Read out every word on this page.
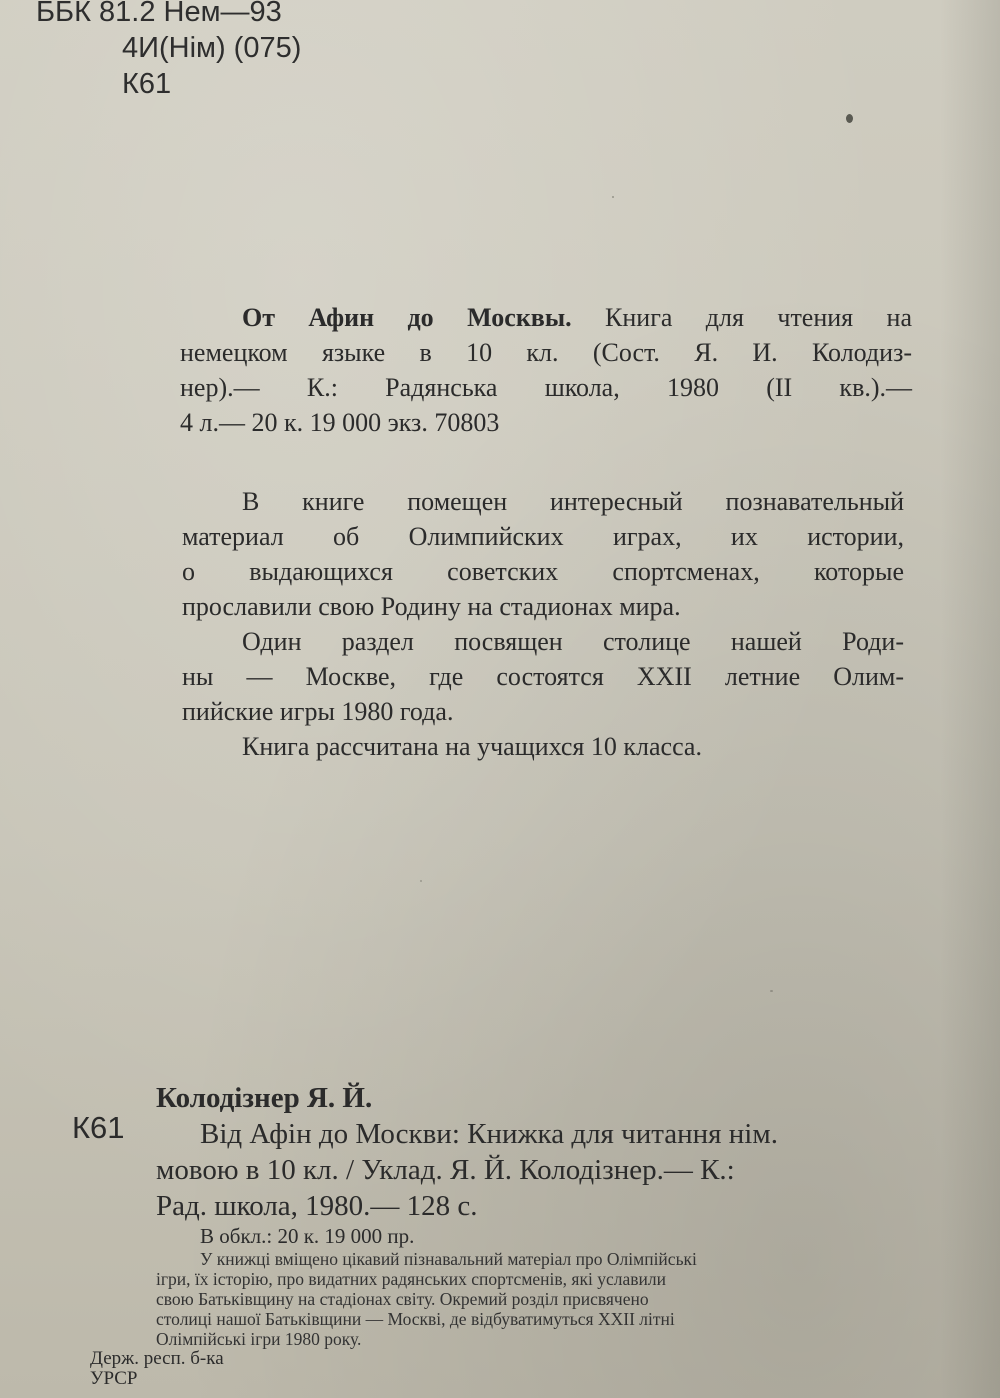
ББК 81.2 Нем—93
4И(Нім) (075)
К61

От Афин до Москвы. Книга для чтения на

немецком языке в 10 кл. (Сост. Я. И. Колодиз-

нер).— К.: Радянська школа, 1980 (II кв.).—

4 л.— 20 к. 19 000 экз. 70803

В книге помещен интересный познавательный

материал об Олимпийских играх, их истории,

о выдающихся советских спортсменах, которые

прославили свою Родину на стадионах мира.

Один раздел посвящен столице нашей Роди-

ны — Москве, где состоятся XXII летние Олим-

пийские игры 1980 года.

Книга рассчитана на учащихся 10 класса.

К61

Колодізнер Я. Й.

Від Афін до Москви: Книжка для читання нім.

мовою в 10 кл. / Уклад. Я. Й. Колодізнер.— К.:

Рад. школа, 1980.— 128 с.

В обкл.: 20 к. 19 000 пр.

У книжці вміщено цікавий пізнавальний матеріал про Олімпійські

ігри, їх історію, про видатних радянських спортсменів, які уславили

свою Батьківщину на стадіонах світу. Окремий розділ присвячено

столиці нашої Батьківщини — Москві, де відбуватимуться XXII літні

Олімпійські ігри 1980 року.

Держ. респ. б-ка

УРСР
